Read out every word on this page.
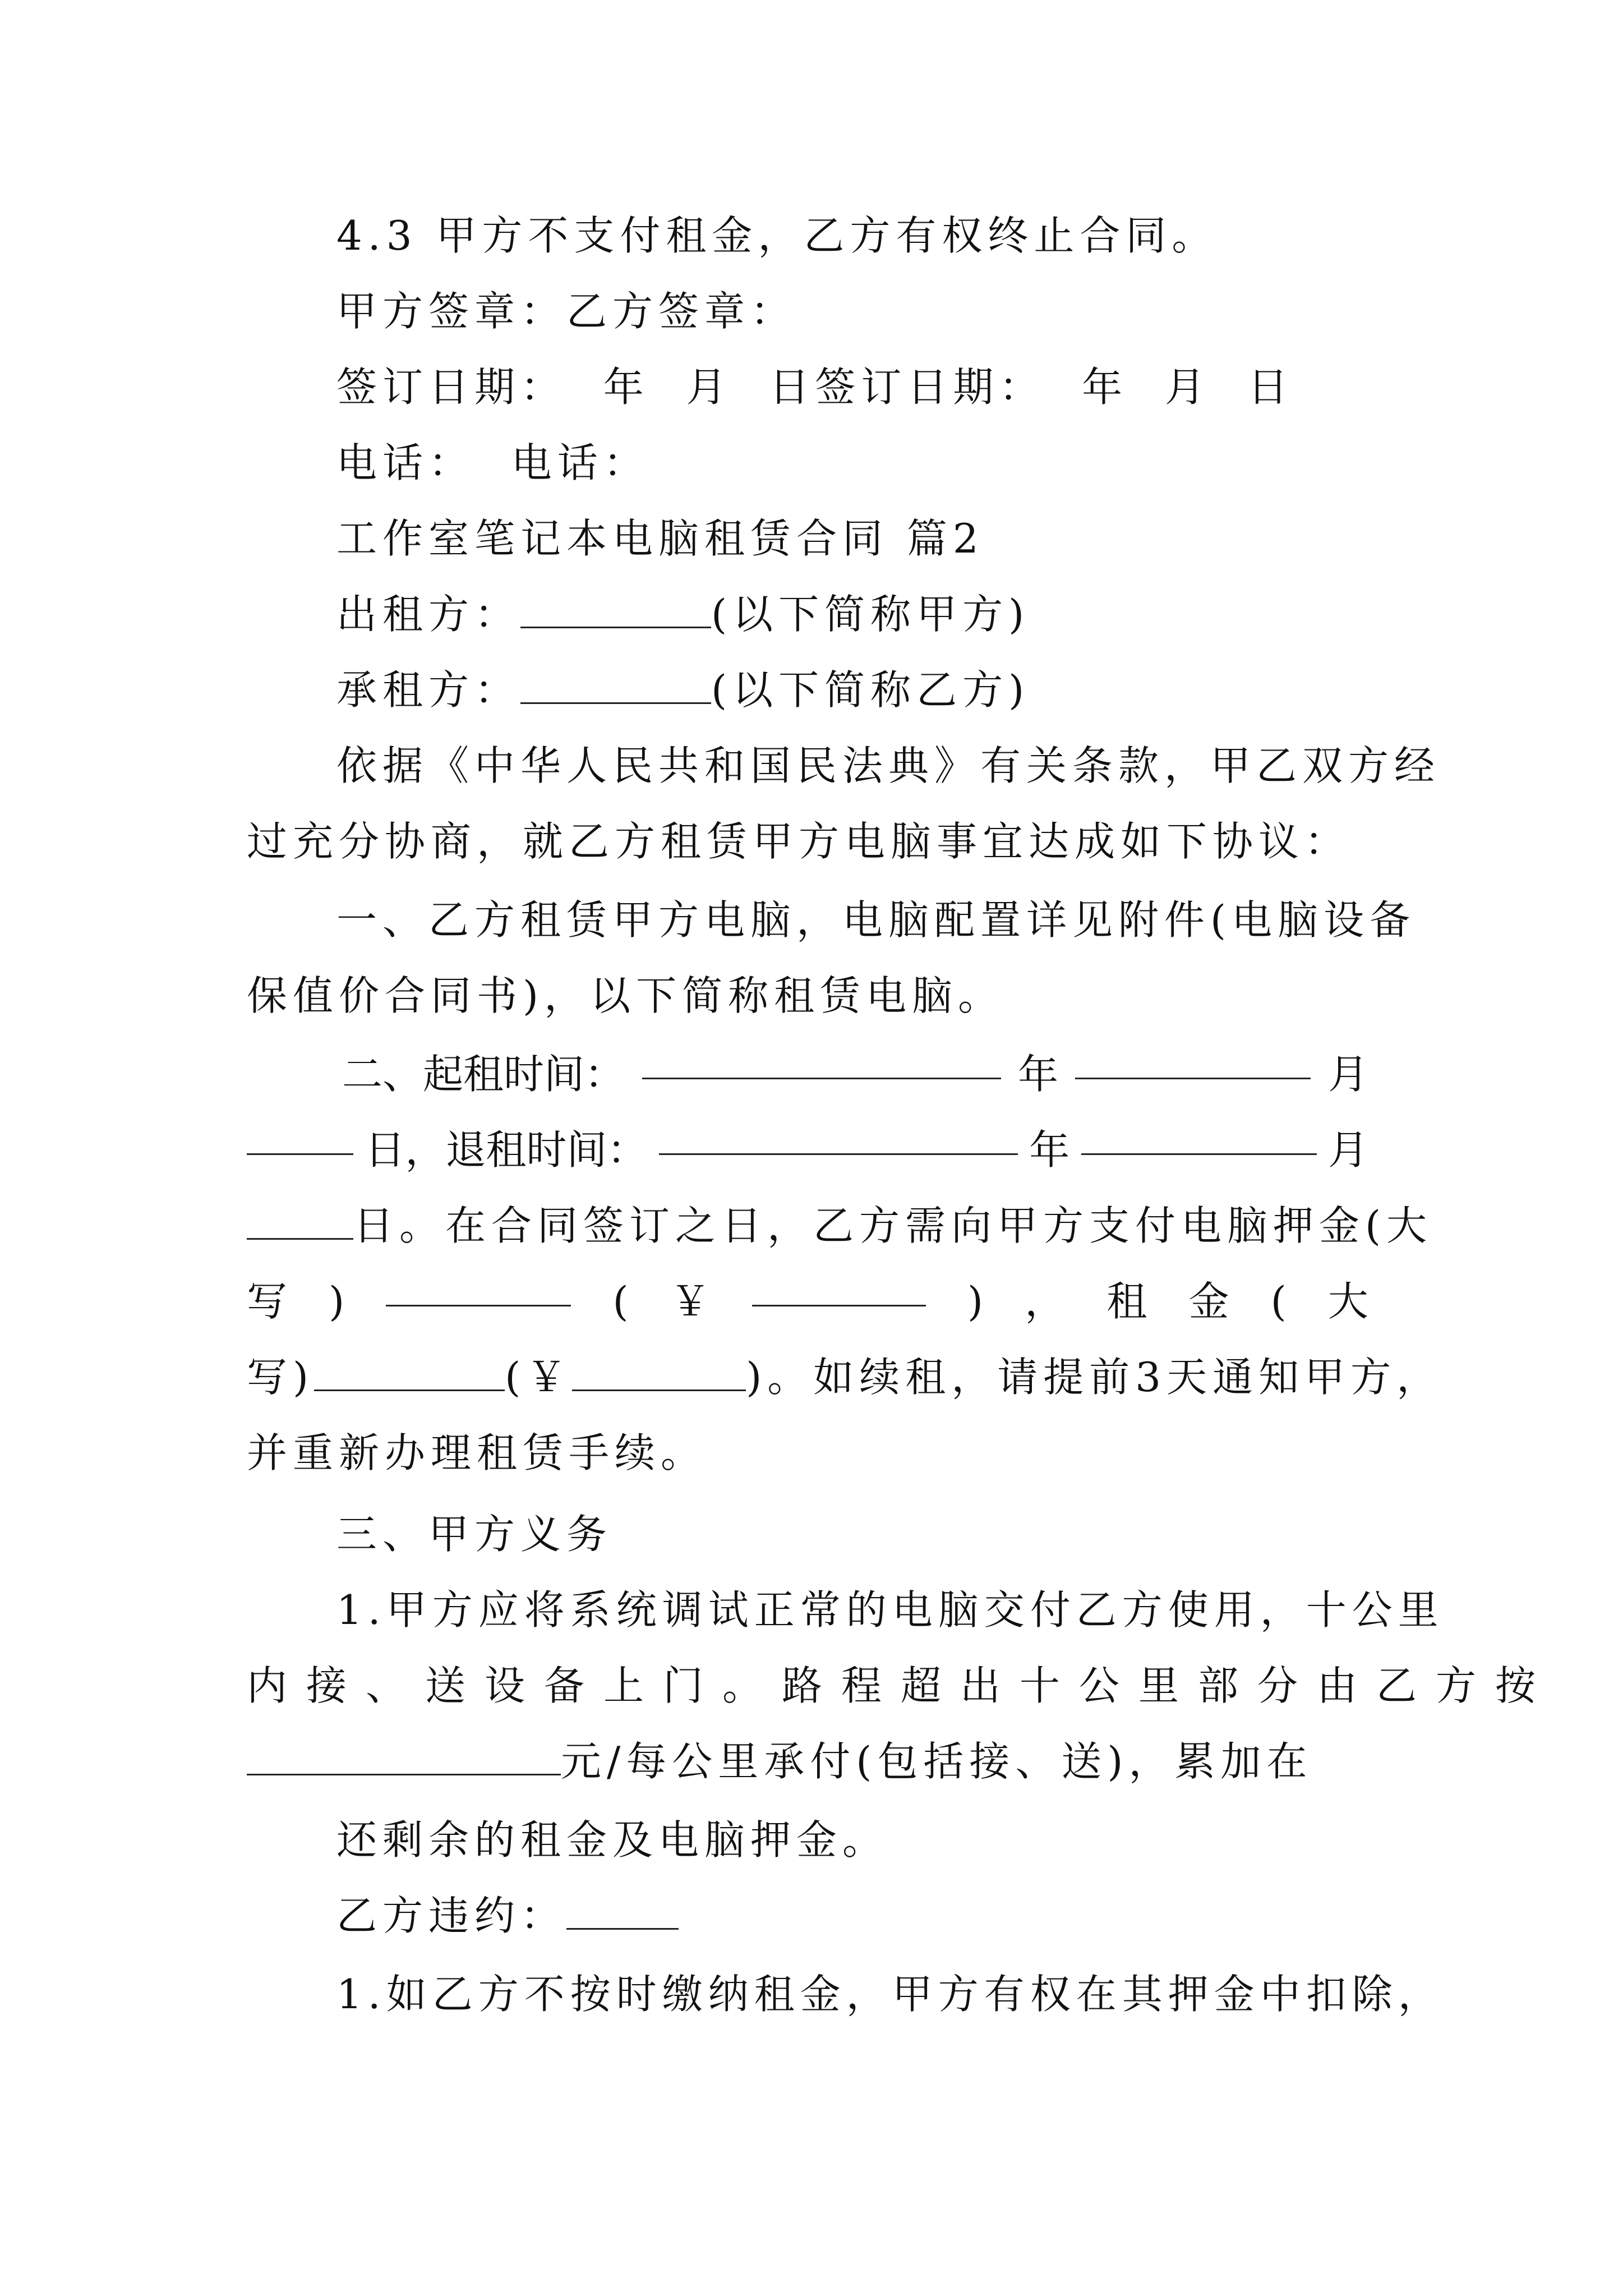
4.3 甲方不支付租金，乙方有权终止合同。
甲方签章：乙方签章：
签订日期：  年  月  日签订日期：  年  月  日
电话：  电话：
工作室笔记本电脑租赁合同 篇2
出租方：	(以下简称甲方)
承租方：	(以下简称乙方)
依据《中华人民共和国民法典》有关条款，甲乙双方经
过充分协商，就乙方租赁甲方电脑事宜达成如下协议：
一、乙方租赁甲方电脑，电脑配置详见附件(电脑设备
保值价合同书)，以下简称租赁电脑。
二、起租时间：	年	月
日，退租时间：	年	月
日。在合同签订之日，乙方需向甲方支付电脑押金(大
写 )	( ￥	) ， 租 金 ( 大
写)	(￥	)。如续租，请提前3天通知甲方，
并重新办理租赁手续。
三、甲方义务
1.甲方应将系统调试正常的电脑交付乙方使用，十公里
内接、送设备上门。路程超出十公里部分由乙方按
元/每公里承付(包括接、送)，累加在
还剩余的租金及电脑押金。
乙方违约：
1.如乙方不按时缴纳租金，甲方有权在其押金中扣除，
